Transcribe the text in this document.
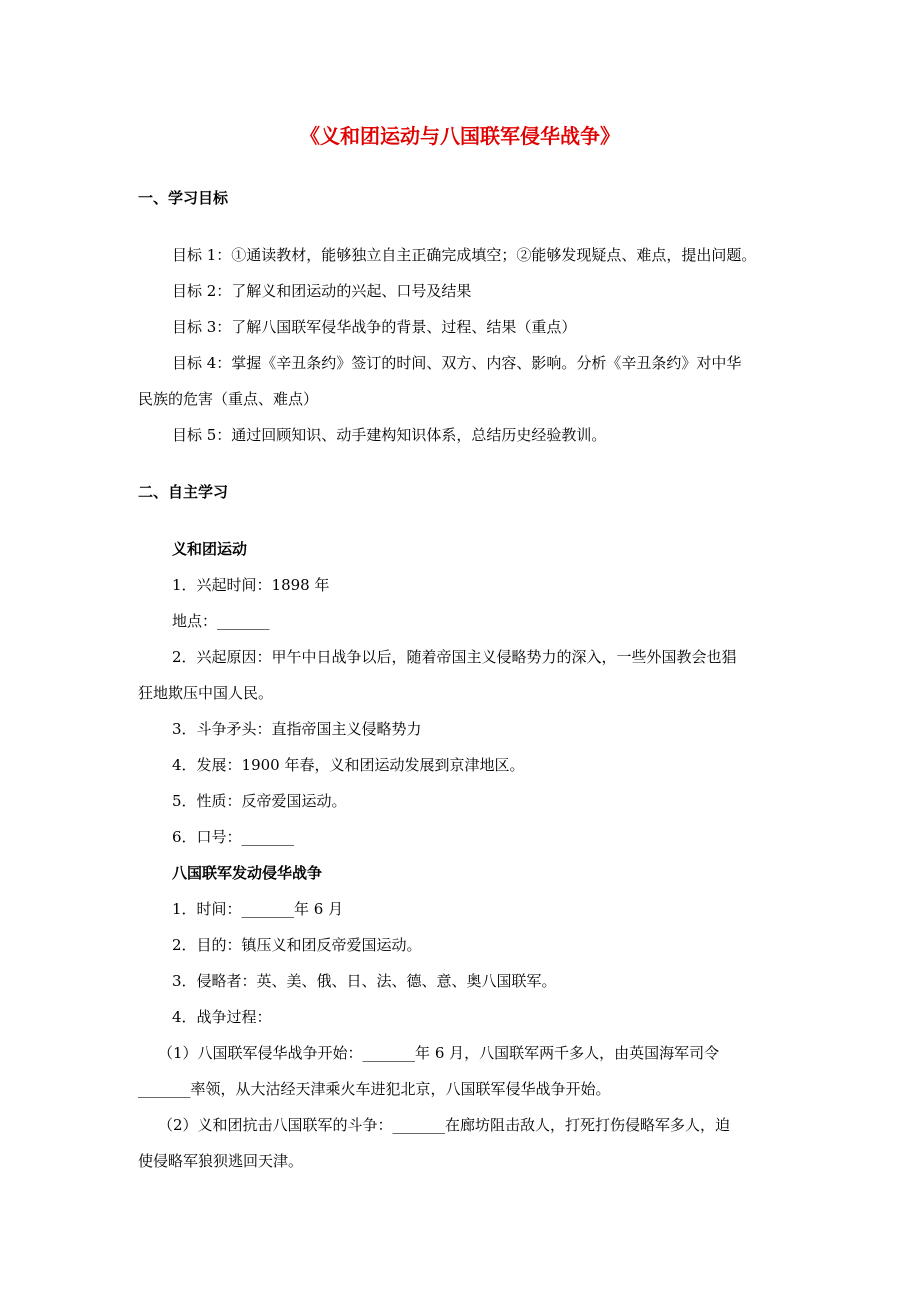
《义和团运动与八国联军侵华战争》
一、学习目标
目标 1：①通读教材，能够独立自主正确完成填空；②能够发现疑点、难点，提出问题。
目标 2：了解义和团运动的兴起、口号及结果
目标 3：了解八国联军侵华战争的背景、过程、结果（重点）
目标 4：掌握《辛丑条约》签订的时间、双方、内容、影响。分析《辛丑条约》对中华
民族的危害（重点、难点）
目标 5：通过回顾知识、动手建构知识体系，总结历史经验教训。
二、自主学习
义和团运动
1．兴起时间：1898 年
地点：_______
2．兴起原因：甲午中日战争以后，随着帝国主义侵略势力的深入，一些外国教会也猖
狂地欺压中国人民。
3．斗争矛头：直指帝国主义侵略势力
4．发展：1900 年春，义和团运动发展到京津地区。
5．性质：反帝爱国运动。
6．口号：_______
八国联军发动侵华战争
1．时间：_______年 6 月
2．目的：镇压义和团反帝爱国运动。
3．侵略者：英、美、俄、日、法、德、意、奥八国联军。
4．战争过程：
（1）八国联军侵华战争开始：_______年 6 月，八国联军两千多人，由英国海军司令
_______率领，从大沽经天津乘火车进犯北京，八国联军侵华战争开始。
（2）义和团抗击八国联军的斗争：_______在廊坊阻击敌人，打死打伤侵略军多人，迫
使侵略军狼狈逃回天津。
